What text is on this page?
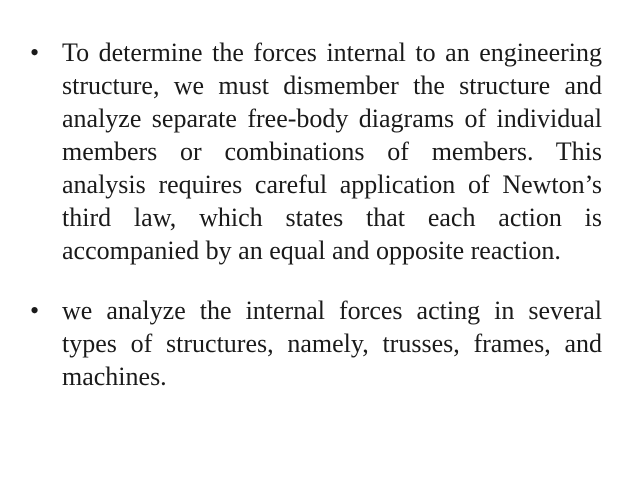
• To determine the forces internal to an engineering structure, we must dismember the structure and analyze separate free-body diagrams of individual members or combinations of members. This analysis requires careful application of Newton’s third law, which states that each action is accompanied by an equal and opposite reaction.
• we analyze the internal forces acting in several types of structures, namely, trusses, frames, and machines.
